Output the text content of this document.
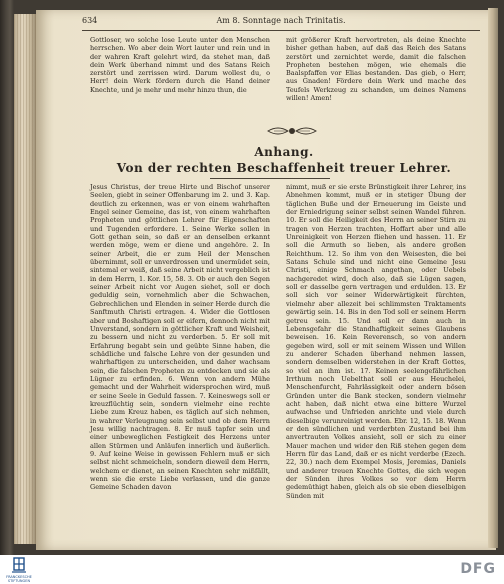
634	Am 8. Sonntage nach Trinitatis.
Gottloser, wo solche lose Leute unter den Menschen herrschen. Wo aber dein Wort lauter und rein und in der wahren Kraft gelehrt wird, da stehet man, daß dein Werk überhand nimmt und des Satans Reich zerstört und zerrissen wird. Darum wollest du, o Herr! dein Werk fördern durch die Hand deiner Knechte, und je mehr und mehr hinzu thun, die
mit größerer Kraft hervortreten, als deine Knechte bisher gethan haben, auf daß das Reich des Satans zerstört und zernichtet werde, damit die falschen Propheten bestehen mögen, wie ehemals die Baalspfaffen vor Elias bestanden. Das gieb, o Herr, aus Gnaden! Fördere dein Werk und mache des Teufels Werkzeug zu schanden, um deines Namens willen! Amen!
Anhang.
Von der rechten Beschaffenheit treuer Lehrer.
Jesus Christus, der treue Hirte und Bischof unserer Seelen, giebt in seiner Offenbarung im 2. und 3. Kap. deutlich zu erkennen, was er von einem wahrhaften Engel seiner Gemeine, das ist, von einem wahrhaften Propheten und göttlichen Lehrer für Eigenschaften und Tugenden erfordere. 1. Seine Werke sollen in Gott gethan sein, so daß er an denselben erkannt werden möge, wem er diene und angehöre. 2. In seiner Arbeit, die er zum Heil der Menschen übernimmt, soll er unverdrossen und unermüdet sein, sintemal er weiß, daß seine Arbeit nicht vergeblich ist in dem Herrn, 1. Kor. 15, 58. 3. Ob er auch den Segen seiner Arbeit nicht vor Augen siehet, soll er doch geduldig sein, vornehmlich aber die Schwachen, Gebrechlichen und Elenden in seiner Herde durch die Sanftmuth Christi ertragen. 4. Wider die Gottlosen aber und Boshaftigen soll er eifern, dennoch nicht mit Unverstand, sondern in göttlicher Kraft und Weisheit, zu bessern und nicht zu verderben. 5. Er soll mit Erfahrung begabt sein und geübte Sinne haben, die schädliche und falsche Lehre von der gesunden und wahrhaftigen zu unterscheiden, und daher wachsam sein, die falschen Propheten zu entdecken und sie als Lügner zu erfinden. 6. Wenn von andern Mühe gemacht und der Wahrheit widersprochen wird, muß er seine Seele in Geduld fassen. 7. Keineswegs soll er kreuzflüchtig sein, sondern vielmehr eine rechte Liebe zum Kreuz haben, es täglich auf sich nehmen, in wahrer Verleugnung sein selbst und ob dem Herrn Jesu willig nachtragen. 8. Er muß tapfer sein und einer unbeweglichen Festigkeit des Herzens unter allen Stürmen und Anläufen innerlich und äußerlich. 9. Auf keine Weise in gewissen Fehlern muß er sich selbst nicht schmeicheln, sondern dieweil dem Herrn, welchem er dienet, an seinen Knechten sehr mißfällt, wenn sie die erste Liebe verlassen, und die ganze Gemeine Schaden davon
nimmt, muß er sie erste Brünstigkeit ihrer Lehrer, ins Abnehmen kommt, muß er in stetiger Übung der täglichen Buße und der Erneuerung im Geiste und der Erniedrigung seiner selbst seinen Wandel führen. 10. Er soll die Heiligkeit des Herrn an seiner Stirn zu tragen von Herzen trachten, Hoffart aber und alle Unreinigkeit von Herzen fliehen und hassen. 11. Er soll die Armuth so lieben, als andere großen Reichthum. 12. So ihm von den Weisesten, die bei Satans Schule sind und nicht eine Gemeine Jesu Christi, einige Schmach angethan, oder Uebels nachgeredet wird, doch also, daß sie Lügen sagen, soll er dasselbe gern vertragen und erdulden. 13. Er soll sich vor seiner Widerwärtigkeit fürchten, vielmehr aber allezeit bei schlimmsten Traktaments gewärtig sein. 14. Bis in den Tod soll er seinem Herrn getreu sein. 15. Und soll er dann auch in Lebensgefahr die Standhaftigkeit seines Glaubens beweisen. 16. Kein Reverensch, so von andern gegeben wird, soll er mit seinem Wissen und Willen zu anderer Schaden überhand nehmen lassen, sondern demselben widerstehen in der Kraft Gottes, so viel an ihm ist. 17. Keinen seelengefährlichen Irrthum noch Uebelthat soll er aus Heuchelei, Menschenfurcht, Fahrlässigkeit oder andern bösen Gründen unter die Bank stecken, sondern vielmehr acht haben, daß nicht etwa eine bittere Wurzel aufwachse und Unfrieden anrichte und viele durch dieselbige verunreinigt werden. Ebr. 12, 15. 18. Wenn er den sündlichen und verderbten Zustand bei ihm anvertrauten Volkes ansieht, soll er sich zu einer Mauer machen und wider den Riß stehen gegen dem Herrn für das Land, daß er es nicht verderbe (Ezech. 22, 30.) nach dem Exempel Mosis, Jeremias, Daniels und anderer treuen Knechte Gottes, die sich wegen der Sünden ihres Volkes so vor dem Herrn gedemüthigt haben, gleich als ob sie eben dieselbigen Sünden mit
FRANCKESCHE STIFTUNGEN
DFG
